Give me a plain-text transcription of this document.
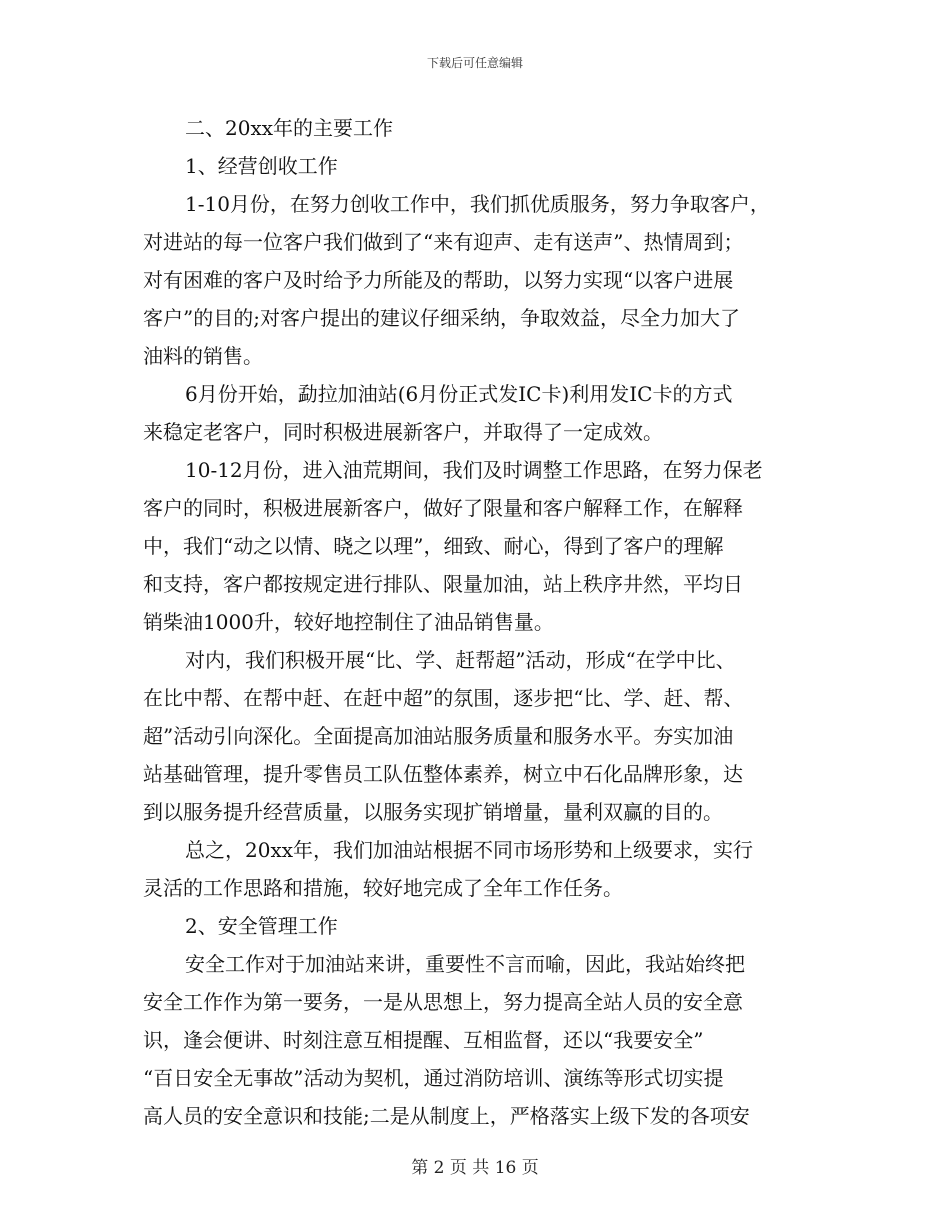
下载后可任意编辑
二、20xx年的主要工作
1、经营创收工作
1-10月份，在努力创收工作中，我们抓优质服务，努力争取客户，
对进站的每一位客户我们做到了“来有迎声、走有送声”、热情周到；
对有困难的客户及时给予力所能及的帮助，以努力实现“以客户进展
客户”的目的;对客户提出的建议仔细采纳，争取效益，尽全力加大了
油料的销售。
6月份开始，勐拉加油站(6月份正式发IC卡)利用发IC卡的方式
来稳定老客户，同时积极进展新客户，并取得了一定成效。
10-12月份，进入油荒期间，我们及时调整工作思路，在努力保老
客户的同时，积极进展新客户，做好了限量和客户解释工作，在解释
中，我们“动之以情、晓之以理”，细致、耐心，得到了客户的理解
和支持，客户都按规定进行排队、限量加油，站上秩序井然，平均日
销柴油1000升，较好地控制住了油品销售量。
对内，我们积极开展“比、学、赶帮超”活动，形成“在学中比、
在比中帮、在帮中赶、在赶中超”的氛围，逐步把“比、学、赶、帮、
超”活动引向深化。全面提高加油站服务质量和服务水平。夯实加油
站基础管理，提升零售员工队伍整体素养，树立中石化品牌形象，达
到以服务提升经营质量，以服务实现扩销增量，量利双赢的目的。
总之，20xx年，我们加油站根据不同市场形势和上级要求，实行
灵活的工作思路和措施，较好地完成了全年工作任务。
2、安全管理工作
安全工作对于加油站来讲，重要性不言而喻，因此，我站始终把
安全工作作为第一要务，一是从思想上，努力提高全站人员的安全意
识，逢会便讲、时刻注意互相提醒、互相监督，还以“我要安全”
“百日安全无事故”活动为契机，通过消防培训、演练等形式切实提
高人员的安全意识和技能;二是从制度上，严格落实上级下发的各项安
第 2 页 共 16 页
